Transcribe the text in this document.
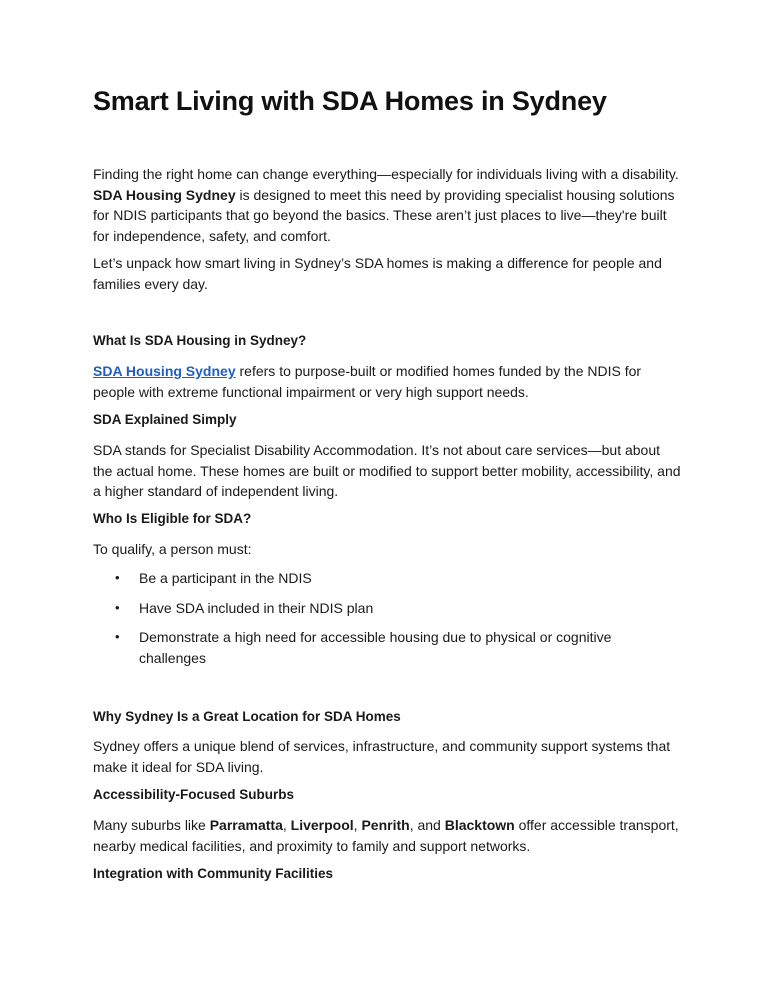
Smart Living with SDA Homes in Sydney

Finding the right home can change everything—especially for individuals living with a disability. SDA Housing Sydney is designed to meet this need by providing specialist housing solutions for NDIS participants that go beyond the basics. These aren’t just places to live—they're built for independence, safety, and comfort.

Let’s unpack how smart living in Sydney’s SDA homes is making a difference for people and families every day.

What Is SDA Housing in Sydney?

SDA Housing Sydney refers to purpose-built or modified homes funded by the NDIS for people with extreme functional impairment or very high support needs.

SDA Explained Simply

SDA stands for Specialist Disability Accommodation. It’s not about care services—but about the actual home. These homes are built or modified to support better mobility, accessibility, and a higher standard of independent living.

Who Is Eligible for SDA?

To qualify, a person must:

• Be a participant in the NDIS
• Have SDA included in their NDIS plan
• Demonstrate a high need for accessible housing due to physical or cognitive challenges
Why Sydney Is a Great Location for SDA Homes

Sydney offers a unique blend of services, infrastructure, and community support systems that make it ideal for SDA living.

Accessibility-Focused Suburbs

Many suburbs like Parramatta, Liverpool, Penrith, and Blacktown offer accessible transport, nearby medical facilities, and proximity to family and support networks.

Integration with Community Facilities
